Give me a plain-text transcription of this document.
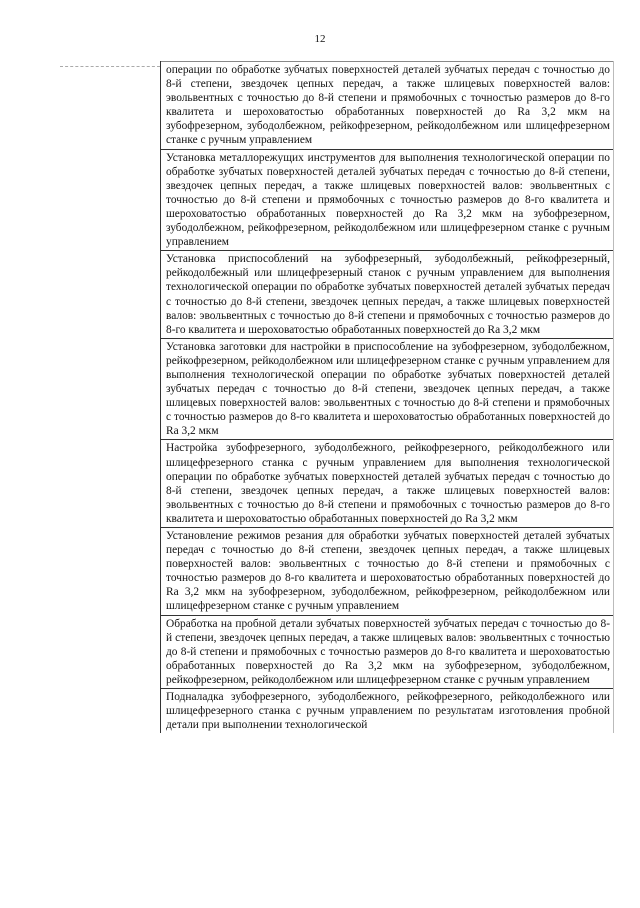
12
операции по обработке зубчатых поверхностей деталей зубчатых передач с точностью до 8-й степени, звездочек цепных передач, а также шлицевых поверхностей валов: эвольвентных с точностью до 8-й степени и прямобочных с точностью размеров до 8-го квалитета и шероховатостью обработанных поверхностей до Ra 3,2 мкм на зубофрезерном, зубодолбежном, рейкофрезерном, рейкодолбежном или шлицефрезерном станке с ручным управлением
Установка металлорежущих инструментов для выполнения технологической операции по обработке зубчатых поверхностей деталей зубчатых передач с точностью до 8-й степени, звездочек цепных передач, а также шлицевых поверхностей валов: эвольвентных с точностью до 8-й степени и прямобочных с точностью размеров до 8-го квалитета и шероховатостью обработанных поверхностей до Ra 3,2 мкм на зубофрезерном, зубодолбежном, рейкофрезерном, рейкодолбежном или шлицефрезерном станке с ручным управлением
Установка приспособлений на зубофрезерный, зубодолбежный, рейкофрезерный, рейкодолбежный или шлицефрезерный станок с ручным управлением для выполнения технологической операции по обработке зубчатых поверхностей деталей зубчатых передач с точностью до 8-й степени, звездочек цепных передач, а также шлицевых поверхностей валов: эвольвентных с точностью до 8-й степени и прямобочных с точностью размеров до 8-го квалитета и шероховатостью обработанных поверхностей до Ra 3,2 мкм
Установка заготовки для настройки в приспособление на зубофрезерном, зубодолбежном, рейкофрезерном, рейкодолбежном или шлицефрезерном станке с ручным управлением для выполнения технологической операции по обработке зубчатых поверхностей деталей зубчатых передач с точностью до 8-й степени, звездочек цепных передач, а также шлицевых поверхностей валов: эвольвентных с точностью до 8-й степени и прямобочных с точностью размеров до 8-го квалитета и шероховатостью обработанных поверхностей до Ra 3,2 мкм
Настройка зубофрезерного, зубодолбежного, рейкофрезерного, рейкодолбежного или шлицефрезерного станка с ручным управлением для выполнения технологической операции по обработке зубчатых поверхностей деталей зубчатых передач с точностью до 8-й степени, звездочек цепных передач, а также шлицевых поверхностей валов: эвольвентных с точностью до 8-й степени и прямобочных с точностью размеров до 8-го квалитета и шероховатостью обработанных поверхностей до Ra 3,2 мкм
Установление режимов резания для обработки зубчатых поверхностей деталей зубчатых передач с точностью до 8-й степени, звездочек цепных передач, а также шлицевых поверхностей валов: эвольвентных с точностью до 8-й степени и прямобочных с точностью размеров до 8-го квалитета и шероховатостью обработанных поверхностей до Ra 3,2 мкм на зубофрезерном, зубодолбежном, рейкофрезерном, рейкодолбежном или шлицефрезерном станке с ручным управлением
Обработка на пробной детали зубчатых поверхностей зубчатых передач с точностью до 8-й степени, звездочек цепных передач, а также шлицевых валов: эвольвентных с точностью до 8-й степени и прямобочных с точностью размеров до 8-го квалитета и шероховатостью обработанных поверхностей до Ra 3,2 мкм на зубофрезерном, зубодолбежном, рейкофрезерном, рейкодолбежном или шлицефрезерном станке с ручным управлением
Подналадка зубофрезерного, зубодолбежного, рейкофрезерного, рейкодолбежного или шлицефрезерного станка с ручным управлением по результатам изготовления пробной детали при выполнении технологической
